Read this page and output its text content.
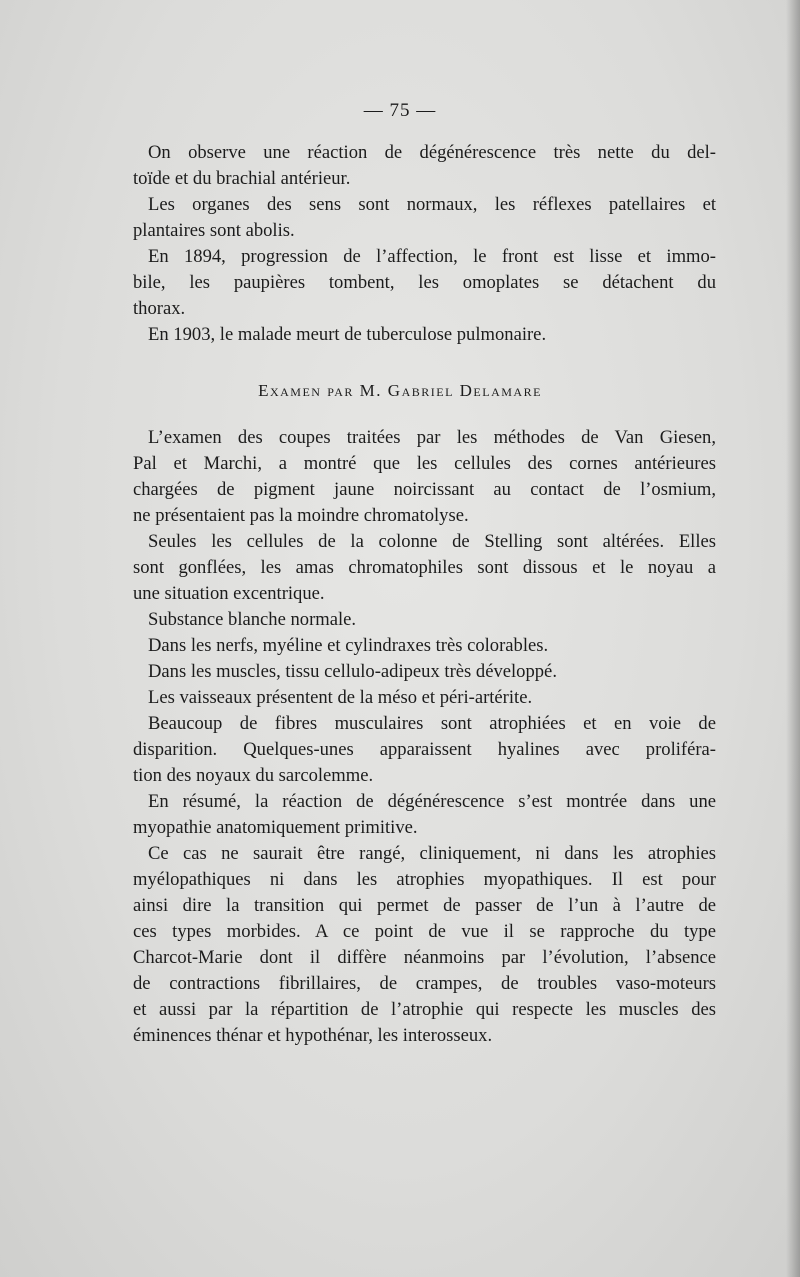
— 75 —
On observe une réaction de dégénérescence très nette du del-
toïde et du brachial antérieur.
Les organes des sens sont normaux, les réflexes patellaires et
plantaires sont abolis.
En 1894, progression de l’affection, le front est lisse et immo-
bile, les paupières tombent, les omoplates se détachent du
thorax.
En 1903, le malade meurt de tuberculose pulmonaire.
Examen par M. Gabriel Delamare
L’examen des coupes traitées par les méthodes de Van Giesen,
Pal et Marchi, a montré que les cellules des cornes antérieures
chargées de pigment jaune noircissant au contact de l’osmium,
ne présentaient pas la moindre chromatolyse.
Seules les cellules de la colonne de Stelling sont altérées. Elles
sont gonflées, les amas chromatophiles sont dissous et le noyau a
une situation excentrique.
Substance blanche normale.
Dans les nerfs, myéline et cylindraxes très colorables.
Dans les muscles, tissu cellulo-adipeux très développé.
Les vaisseaux présentent de la méso et péri-artérite.
Beaucoup de fibres musculaires sont atrophiées et en voie de
disparition. Quelques-unes apparaissent hyalines avec proliféra-
tion des noyaux du sarcolemme.
En résumé, la réaction de dégénérescence s’est montrée dans une
myopathie anatomiquement primitive.
Ce cas ne saurait être rangé, cliniquement, ni dans les atrophies
myélopathiques ni dans les atrophies myopathiques. Il est pour
ainsi dire la transition qui permet de passer de l’un à l’autre de
ces types morbides. A ce point de vue il se rapproche du type
Charcot-Marie dont il diffère néanmoins par l’évolution, l’absence
de contractions fibrillaires, de crampes, de troubles vaso-moteurs
et aussi par la répartition de l’atrophie qui respecte les muscles des
éminences thénar et hypothénar, les interosseux.
